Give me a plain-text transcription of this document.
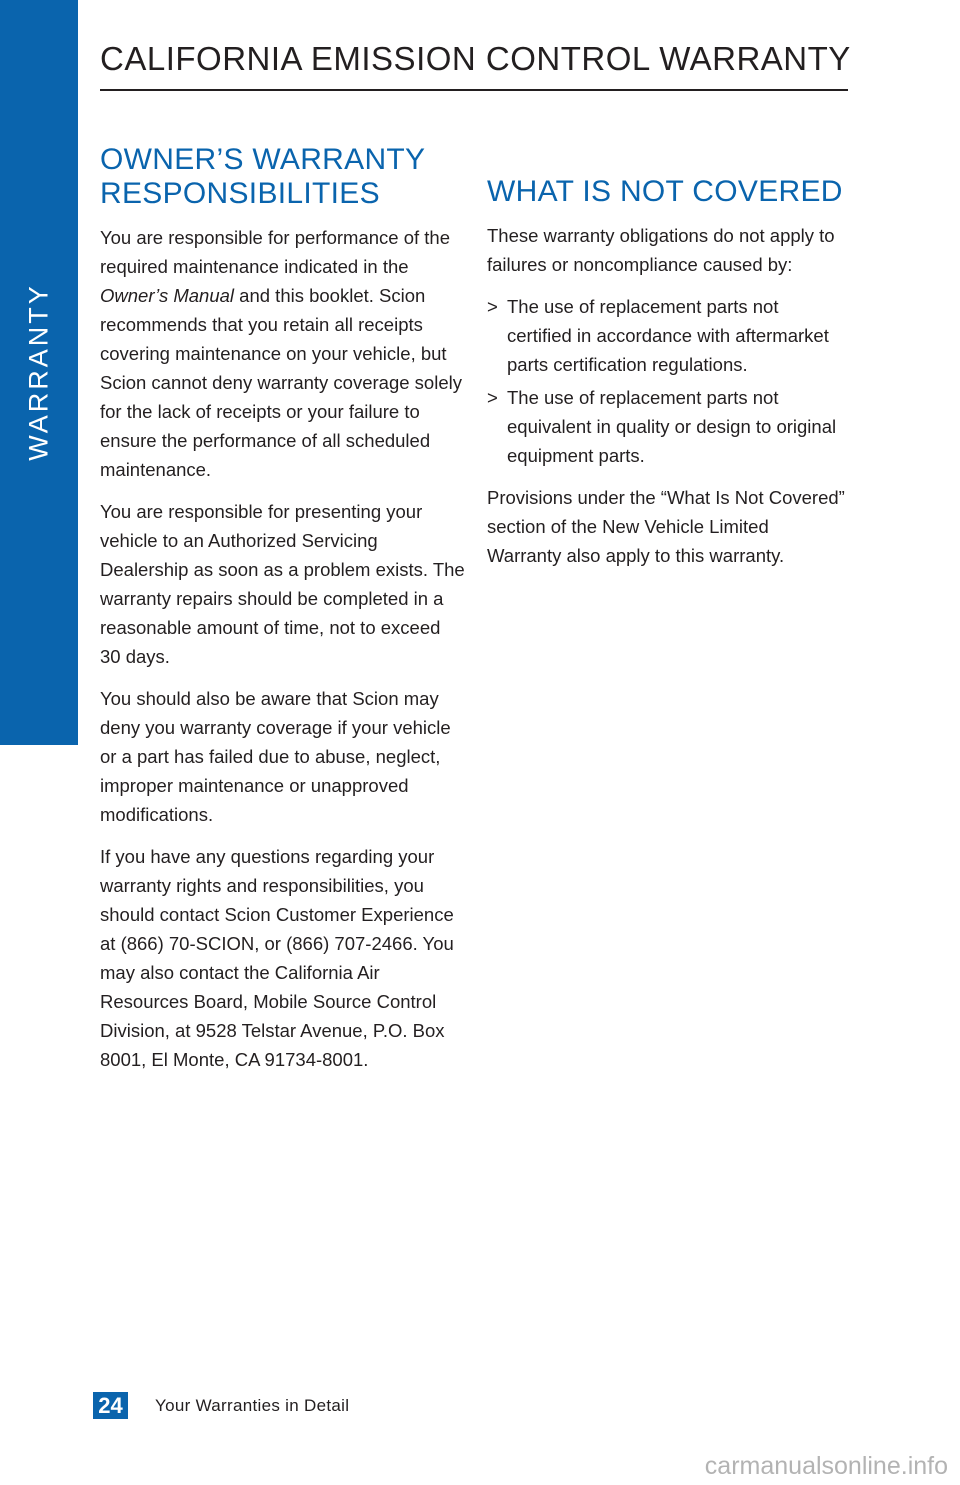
WARRANTY
CALIFORNIA EMISSION CONTROL WARRANTY
OWNER’S WARRANTY RESPONSIBILITIES

You are responsible for performance of the required maintenance indicated in the Owner’s Manual and this booklet. Scion recommends that you retain all receipts covering maintenance on your vehicle, but Scion cannot deny warranty coverage solely for the lack of receipts or your failure to ensure the performance of all scheduled maintenance.

You are responsible for presenting your vehicle to an Authorized Servicing Dealership as soon as a problem exists. The warranty repairs should be completed in a reasonable amount of time, not to exceed 30 days.

You should also be aware that Scion may deny you warranty coverage if your vehicle or a part has failed due to abuse, neglect, improper maintenance or unapproved modifications.

If you have any questions regarding your warranty rights and responsibilities, you should contact Scion Customer Experience at (866) 70-SCION, or (866) 707-2466. You may also contact the California Air Resources Board, Mobile Source Control Division, at 9528 Telstar Avenue, P.O. Box 8001, El Monte, CA 91734-8001.

WHAT IS NOT COVERED

These warranty obligations do not apply to failures or noncompliance caused by:

> The use of replacement parts not certified in accordance with aftermarket parts certification regulations.
> The use of replacement parts not equivalent in quality or design to original equipment parts.

Provisions under the “What Is Not Covered” section of the New Vehicle Limited Warranty also apply to this warranty.

24	Your Warranties in Detail
carmanualsonline.info
